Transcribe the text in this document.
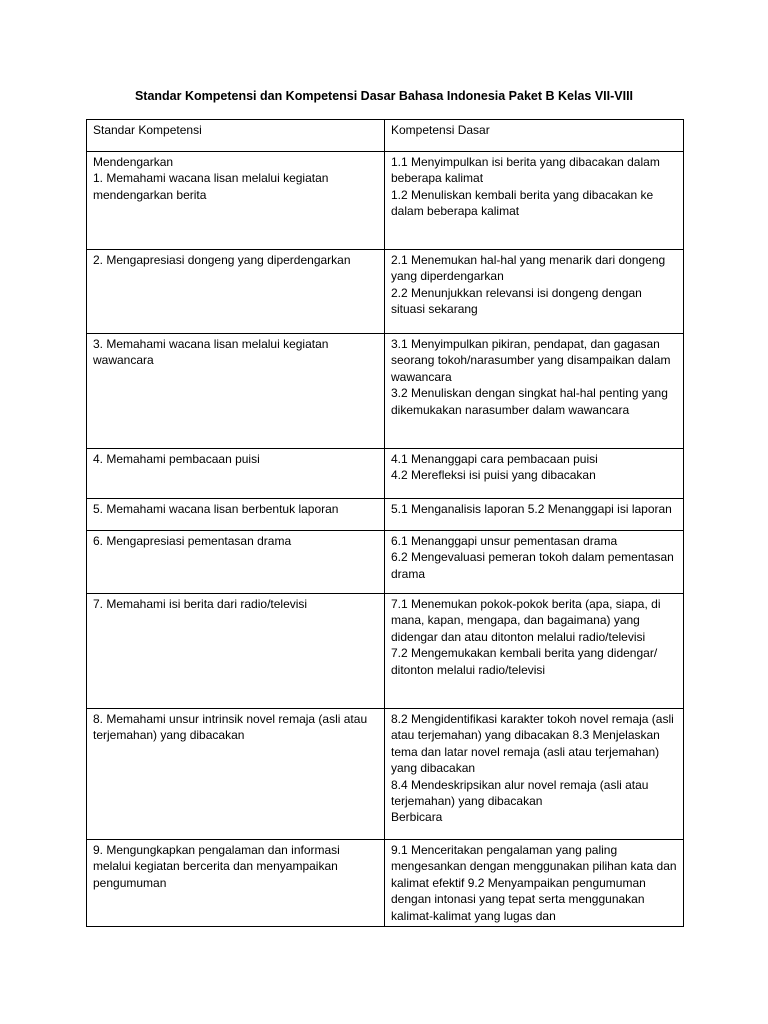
Standar Kompetensi dan Kompetensi Dasar Bahasa Indonesia Paket B Kelas VII-VIII
Standar Kompetensi	Kompetensi Dasar

Mendengarkan
1. Memahami wacana lisan melalui kegiatan mendengarkan berita	1.1 Menyimpulkan isi berita yang dibacakan dalam beberapa kalimat
1.2 Menuliskan kembali berita yang dibacakan ke dalam beberapa kalimat

2. Mengapresiasi dongeng yang diperdengarkan	2.1 Menemukan hal-hal yang menarik dari dongeng yang diperdengarkan
2.2 Menunjukkan relevansi isi dongeng dengan situasi sekarang

3. Memahami wacana lisan melalui kegiatan wawancara	3.1 Menyimpulkan pikiran, pendapat, dan gagasan seorang tokoh/narasumber yang disampaikan dalam wawancara
3.2 Menuliskan dengan singkat hal-hal penting yang dikemukakan narasumber dalam wawancara

4. Memahami pembacaan puisi	4.1 Menanggapi cara pembacaan puisi
4.2 Merefleksi isi puisi yang dibacakan

5. Memahami wacana lisan berbentuk laporan	5.1 Menganalisis laporan 5.2 Menanggapi isi laporan

6. Mengapresiasi pementasan drama	6.1 Menanggapi unsur pementasan drama
6.2 Mengevaluasi pemeran tokoh dalam pementasan drama

7. Memahami isi berita dari radio/televisi	7.1 Menemukan pokok-pokok berita (apa, siapa, di mana, kapan, mengapa, dan bagaimana) yang didengar dan atau ditonton melalui radio/televisi
7.2 Mengemukakan kembali berita yang didengar/ ditonton melalui radio/televisi

8. Memahami unsur intrinsik novel remaja (asli atau terjemahan) yang dibacakan	8.2 Mengidentifikasi karakter tokoh novel remaja (asli atau terjemahan) yang dibacakan 8.3 Menjelaskan tema dan latar novel remaja (asli atau terjemahan) yang dibacakan
8.4 Mendeskripsikan alur novel remaja (asli atau terjemahan) yang dibacakan
Berbicara

9. Mengungkapkan pengalaman dan informasi melalui kegiatan bercerita dan menyampaikan pengumuman	9.1 Menceritakan pengalaman yang paling mengesankan dengan menggunakan pilihan kata dan kalimat efektif 9.2 Menyampaikan pengumuman dengan intonasi yang tepat serta menggunakan kalimat-kalimat yang lugas dan
